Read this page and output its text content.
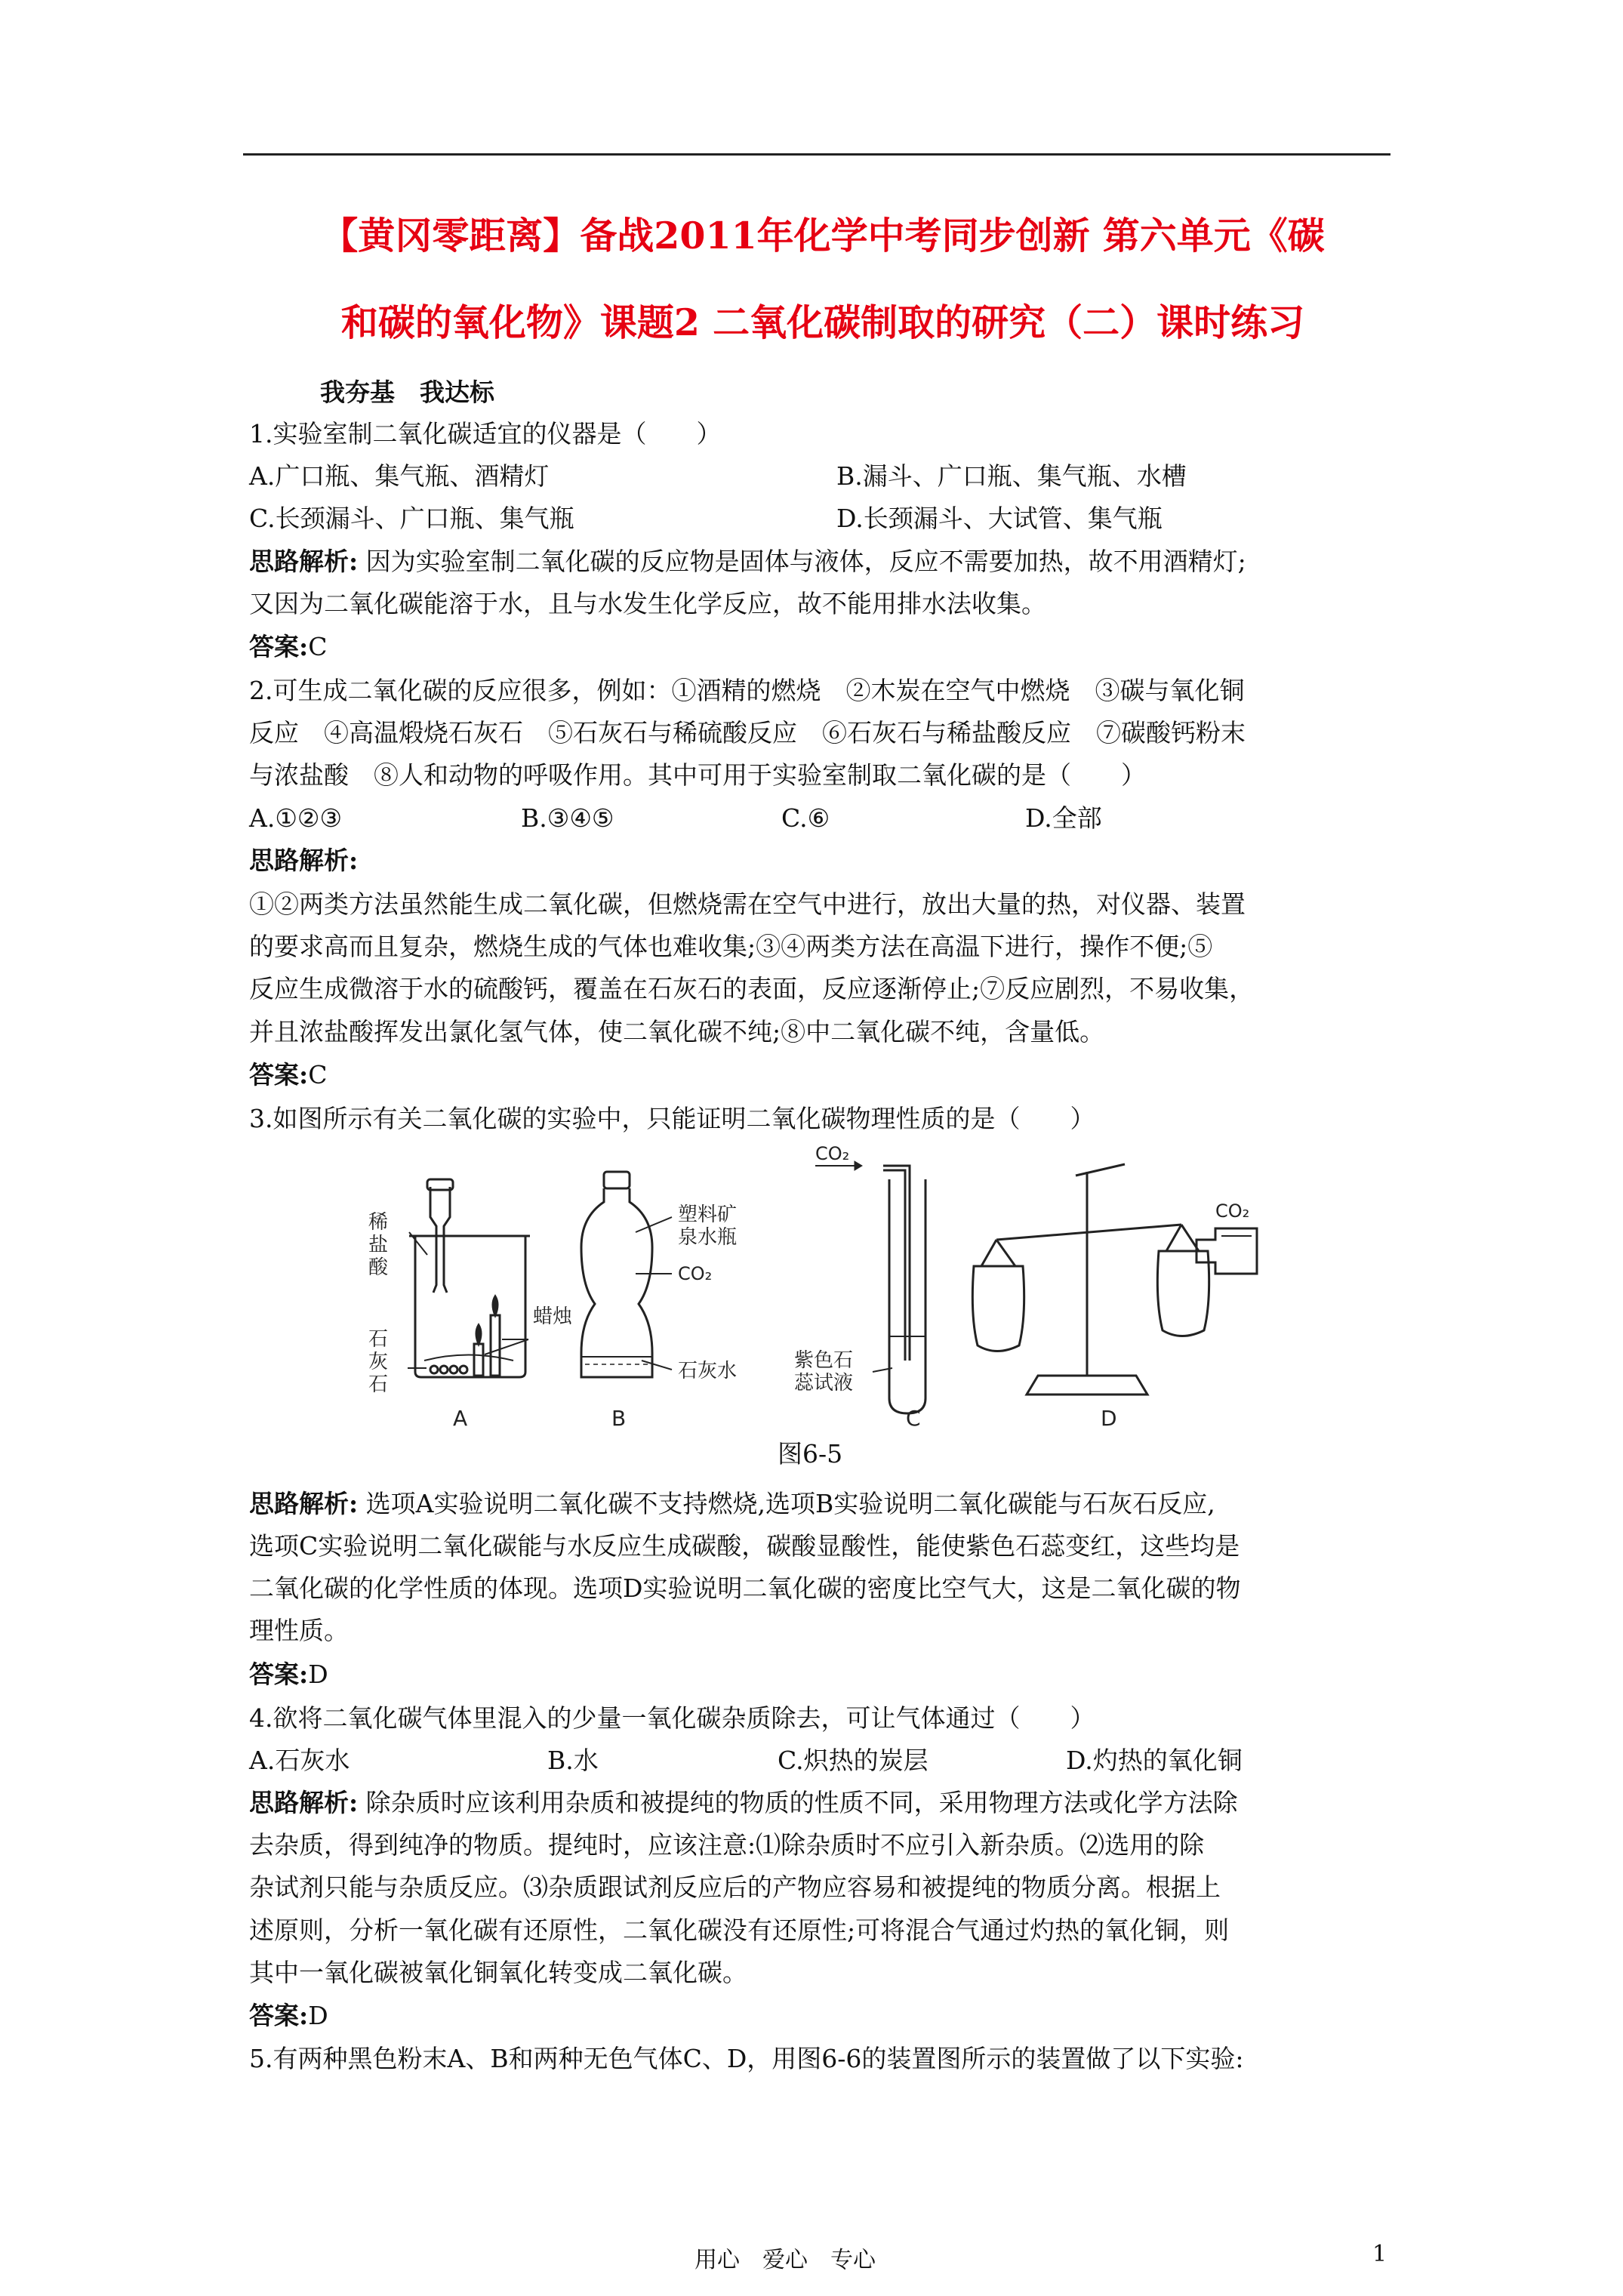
【黄冈零距离】备战2011年化学中考同步创新 第六单元《碳
和碳的氧化物》课题2 二氧化碳制取的研究（二）课时练习
我夯基　我达标
1.实验室制二氧化碳适宜的仪器是（　　）
A.广口瓶、集气瓶、酒精灯	B.漏斗、广口瓶、集气瓶、水槽
C.长颈漏斗、广口瓶、集气瓶	D.长颈漏斗、大试管、集气瓶
思路解析: 因为实验室制二氧化碳的反应物是固体与液体，反应不需要加热，故不用酒精灯;
又因为二氧化碳能溶于水，且与水发生化学反应，故不能用排水法收集。
答案:C
2.可生成二氧化碳的反应很多，例如：①酒精的燃烧　②木炭在空气中燃烧　③碳与氧化铜
反应　④高温煅烧石灰石　⑤石灰石与稀硫酸反应　⑥石灰石与稀盐酸反应　⑦碳酸钙粉末
与浓盐酸　⑧人和动物的呼吸作用。其中可用于实验室制取二氧化碳的是（　　）
A.①②③	B.③④⑤	C.⑥	D.全部
思路解析:
①②两类方法虽然能生成二氧化碳，但燃烧需在空气中进行，放出大量的热，对仪器、装置
的要求高而且复杂，燃烧生成的气体也难收集;③④两类方法在高温下进行，操作不便;⑤
反应生成微溶于水的硫酸钙，覆盖在石灰石的表面，反应逐渐停止;⑦反应剧烈，不易收集，
并且浓盐酸挥发出氯化氢气体，使二氧化碳不纯;⑧中二氧化碳不纯，含量低。
答案:C
3.如图所示有关二氧化碳的实验中，只能证明二氧化碳物理性质的是（　　）
稀
盐
酸
石
灰
石
蜡烛
塑料矿
泉水瓶
CO₂
石灰水
CO₂
紫色石
蕊试液
CO₂
A	B	C	D
图6-5
思路解析: 选项A实验说明二氧化碳不支持燃烧,选项B实验说明二氧化碳能与石灰石反应,
选项C实验说明二氧化碳能与水反应生成碳酸，碳酸显酸性，能使紫色石蕊变红，这些均是
二氧化碳的化学性质的体现。选项D实验说明二氧化碳的密度比空气大，这是二氧化碳的物
理性质。
答案:D
4.欲将二氧化碳气体里混入的少量一氧化碳杂质除去，可让气体通过（　　）
A.石灰水	B.水	C.炽热的炭层	D.灼热的氧化铜
思路解析: 除杂质时应该利用杂质和被提纯的物质的性质不同，采用物理方法或化学方法除
去杂质，得到纯净的物质。提纯时，应该注意:⑴除杂质时不应引入新杂质。⑵选用的除
杂试剂只能与杂质反应。⑶杂质跟试剂反应后的产物应容易和被提纯的物质分离。根据上
述原则，分析一氧化碳有还原性，二氧化碳没有还原性;可将混合气通过灼热的氧化铜，则
其中一氧化碳被氧化铜氧化转变成二氧化碳。
答案:D
5.有两种黑色粉末A、B和两种无色气体C、D，用图6-6的装置图所示的装置做了以下实验:
用心　爱心　专心	1
